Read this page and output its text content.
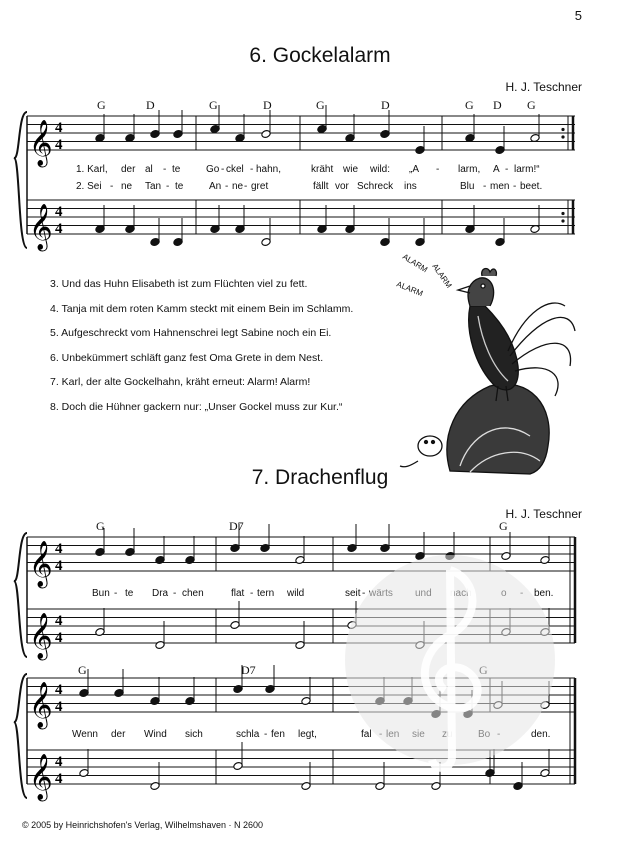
5
6. Gockelalarm
H. J. Teschner
𝄞 4
4
𝄞 4
4
G	D	G	D	G	D	G D G
1. Karl, der al - te	Go - ckel - hahn,	kräht wie wild: „A - larm, A - larm!“
2. Sei - ne Tan - te	An - ne - gret	fällt vor Schreck ins	Blu - men - beet.
3. Und das Huhn Elisabeth ist zum Flüchten viel zu fett.
4. Tanja mit dem roten Kamm steckt mit einem Bein im Schlamm.
5. Aufgeschreckt vom Hahnenschrei legt Sabine noch ein Ei.
6. Unbekümmert schläft ganz fest Oma Grete in dem Nest.
7. Karl, der alte Gockelhahn, kräht erneut: Alarm! Alarm!
8. Doch die Hühner gackern nur: „Unser Gockel muss zur Kur.“
ALARM
ALARM
ALARM
7. Drachenflug
H. J. Teschner
𝄞 4
4
𝄞 4
4
𝄞 4
4
𝄞 4
4
G	D7	G
G	D7
Bun - te Dra - chen	flat - tern wild	seit -	ben.
Wenn der Wind sich	schla - fen legt,	fal	den.
© 2005 by Heinrichshofen's Verlag, Wilhelmshaven · N 2600
